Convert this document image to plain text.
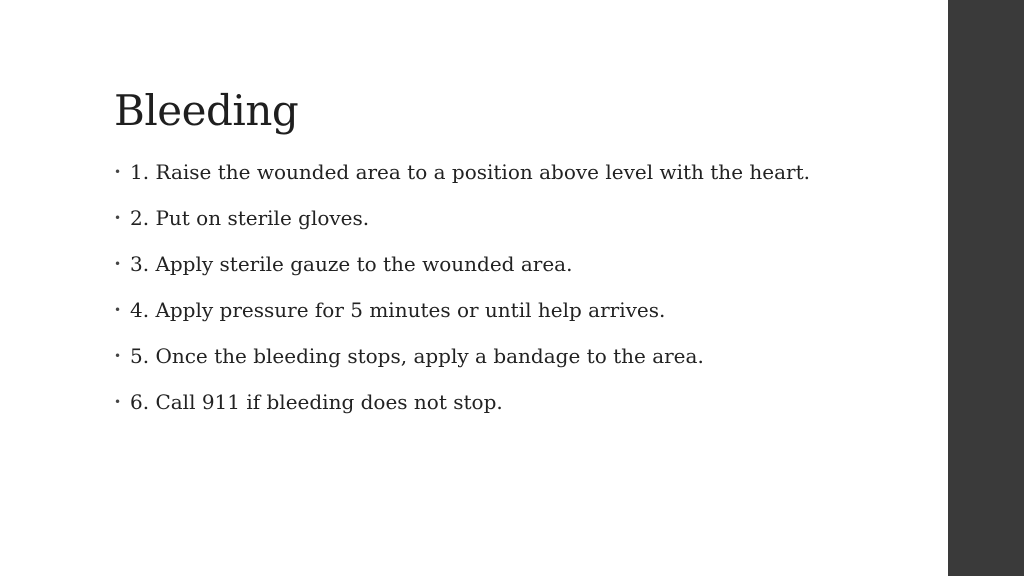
Bleeding
• 1. Raise the wounded area to a position above level with the heart.
• 2. Put on sterile gloves.
• 3. Apply sterile gauze to the wounded area.
• 4. Apply pressure for 5 minutes or until help arrives.
• 5. Once the bleeding stops, apply a bandage to the area.
• 6. Call 911 if bleeding does not stop.
